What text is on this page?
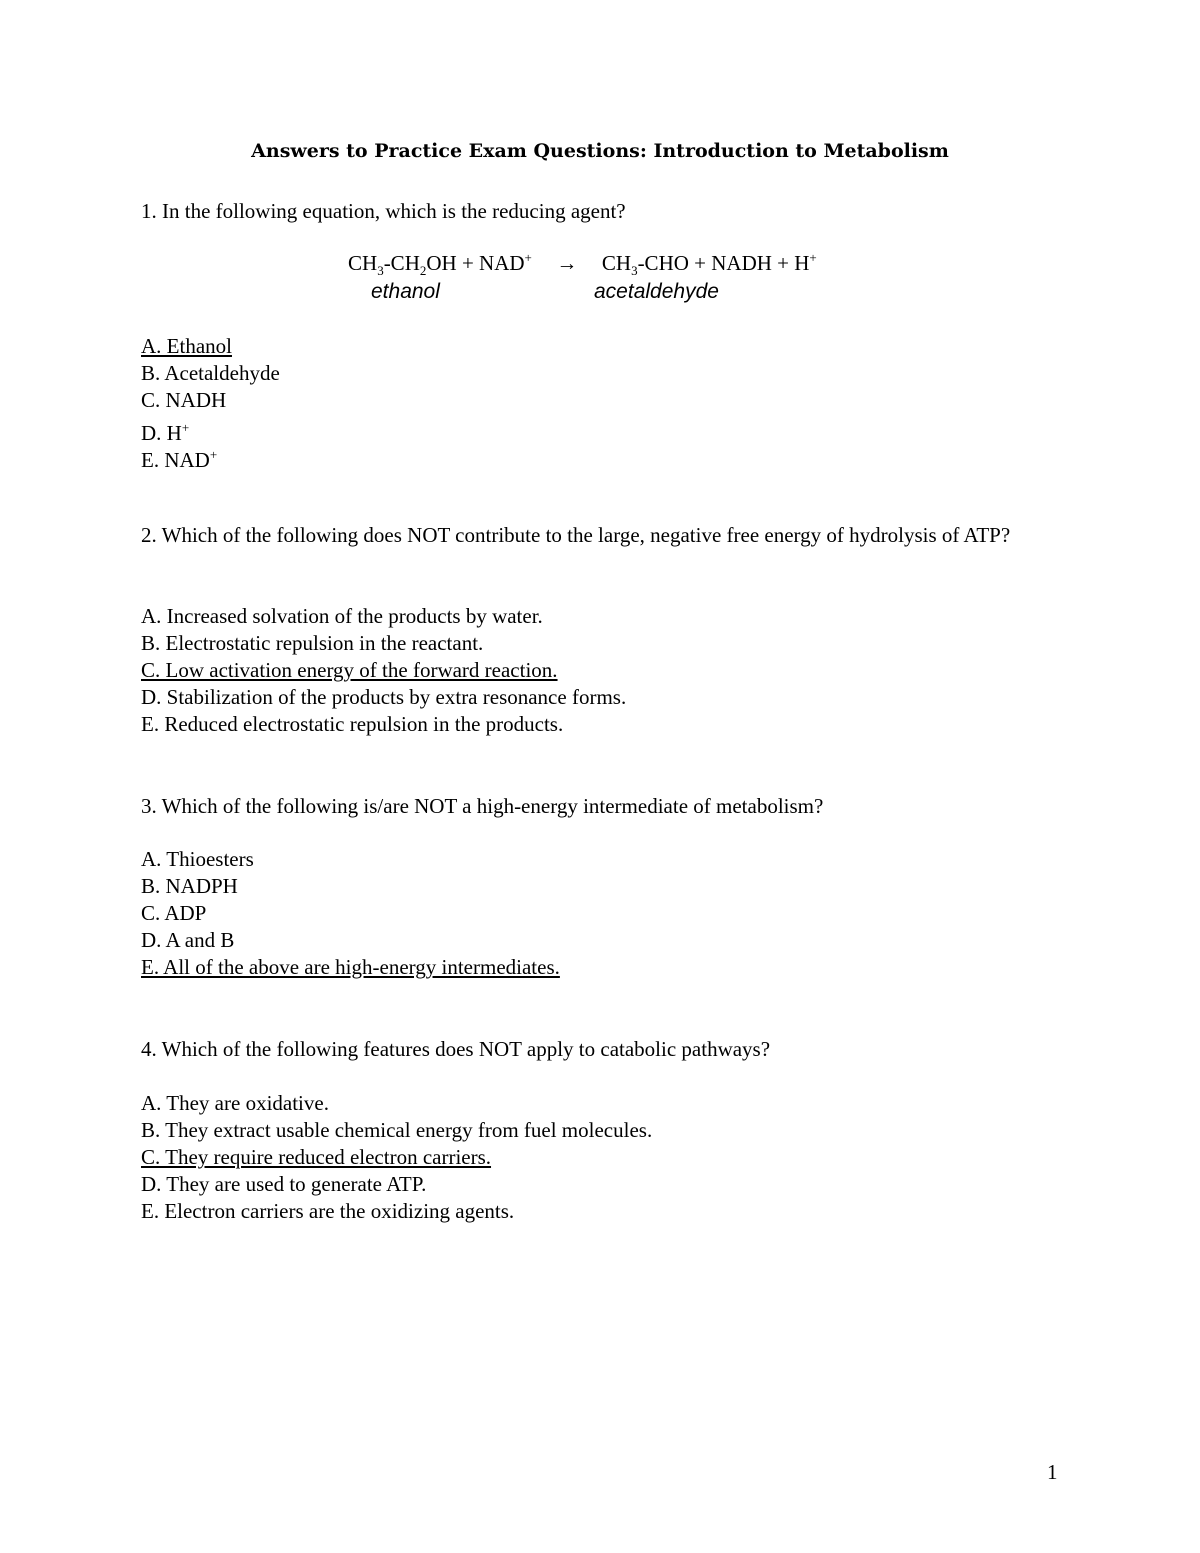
Answers to Practice Exam Questions: Introduction to Metabolism

1. In the following equation, which is the reducing agent?

$CH_3-CH_2OH + NAD^+ \to CH_3-CHO$ + NADH + H+
ethanol	acetaldehyde

A. Ethanol

B. Acetaldehyde

C. NADH

D. H+

E. NAD+

2. Which of the following does NOT contribute to the large, negative free energy of hydrolysis of ATP?

A. Increased solvation of the products by water.

B. Electrostatic repulsion in the reactant.

C. Low activation energy of the forward reaction.

D. Stabilization of the products by extra resonance forms.

E. Reduced electrostatic repulsion in the products.

3. Which of the following is/are NOT a high-energy intermediate of metabolism?

A. Thioesters

B. NADPH

C. ADP

D. A and B

E. All of the above are high-energy intermediates.

4. Which of the following features does NOT apply to catabolic pathways?

A. They are oxidative.

B. They extract usable chemical energy from fuel molecules.

C. They require reduced electron carriers.

D. They are used to generate ATP.

E. Electron carriers are the oxidizing agents.

1
